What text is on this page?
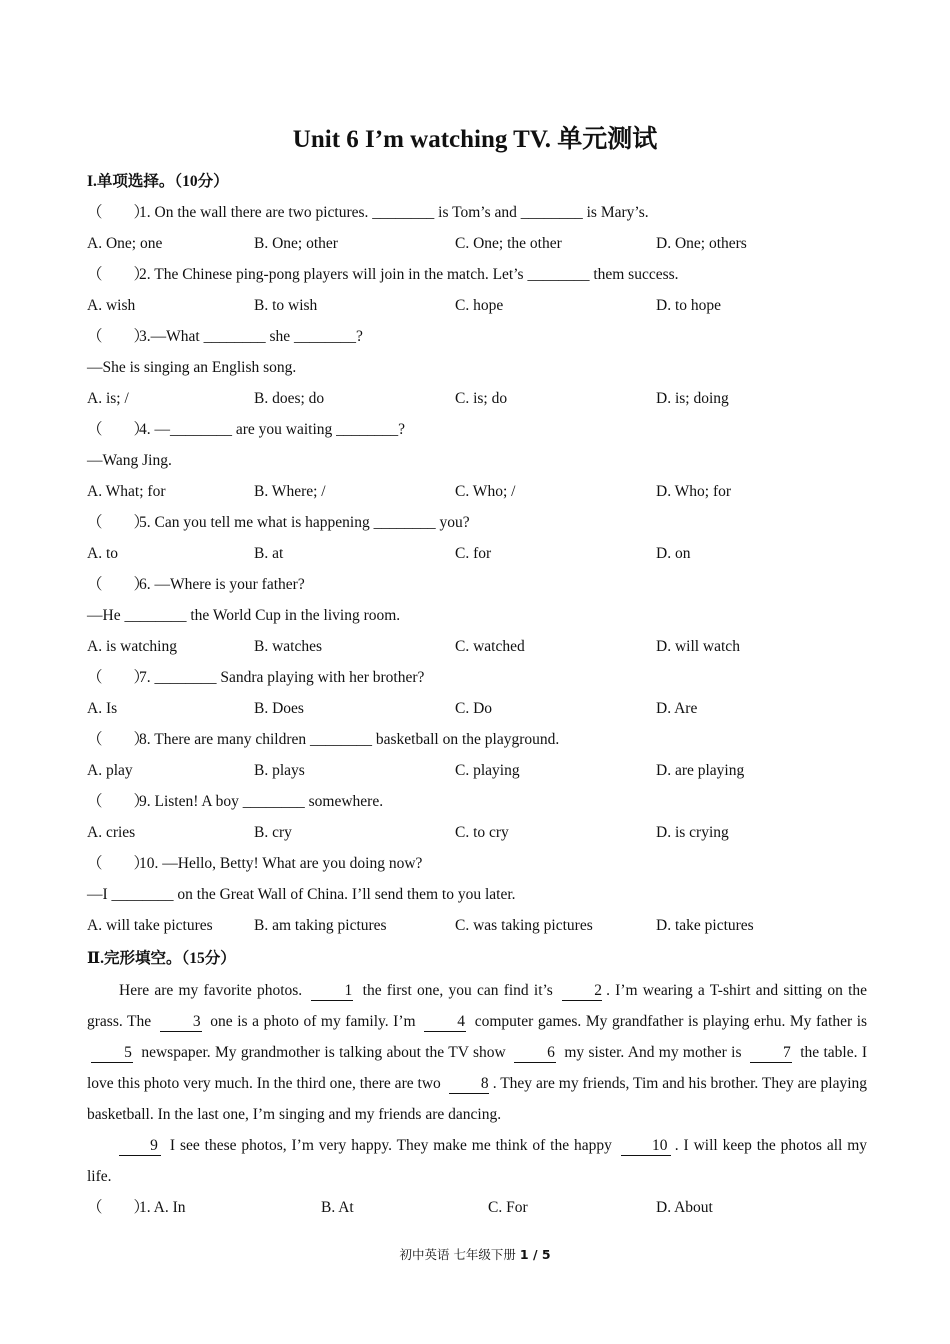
Unit 6 I’m watching TV. 单元测试
I.单项选择。（10分）
（　　）1. On the wall there are two pictures. ________ is Tom’s and ________ is Mary’s.
A. One; one	B. One; other	C. One; the other	D. One; others
（　　）2. The Chinese ping-pong players will join in the match. Let’s ________ them success.
A. wish	B. to wish	C. hope	D. to hope
（　　）3.—What ________ she ________?
—She is singing an English song.
A. is; /	B. does; do	C. is; do	D. is; doing
（　　）4. —________ are you waiting ________?
—Wang Jing.
A. What; for	B. Where; /	C. Who; /	D. Who; for
（　　）5. Can you tell me what is happening ________ you?
A. to	B. at	C. for	D. on
（　　）6. —Where is your father?
—He ________ the World Cup in the living room.
A. is watching	B. watches	C. watched	D. will watch
（　　）7. ________ Sandra playing with her brother?
A. Is	B. Does	C. Do	D. Are
（　　）8. There are many children ________ basketball on the playground.
A. play	B. plays	C. playing	D. are playing
（　　）9. Listen! A boy ________ somewhere.
A. cries	B. cry	C. to cry	D. is crying
（　　）10. —Hello, Betty! What are you doing now?
—I ________ on the Great Wall of China. I’ll send them to you later.
A. will take pictures	B. am taking pictures	C. was taking pictures	D. take pictures
Ⅱ.完形填空。（15分）

Here are my favorite photos.	1 the first one, you can find it’s	2 . I’m wearing a T-shirt and sitting on the grass. The	3 one is a photo of my family. I’m	4 computer games. My grandfather is playing erhu. My father is 5 newspaper. My grandmother is talking about the TV show	6 my sister. And my mother is	7 the table. I love this photo very much. In the third one, there are two	8 . They are my friends, Tim and his brother. They are playing basketball. In the last one, I’m singing and my friends are dancing.

9 I see these photos, I’m very happy. They make me think of the happy	10 . I will keep the photos all my life.

（　　）1. A. In	B. At	C. For	D. About
初中英语 七年级下册 1 / 5
